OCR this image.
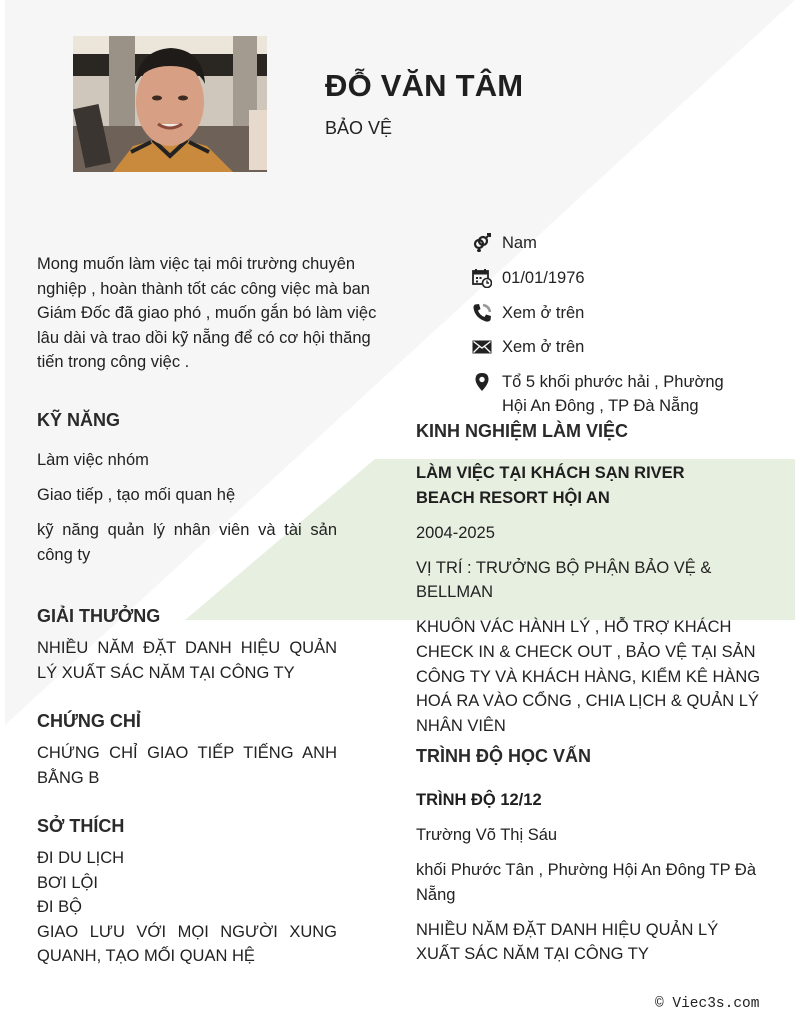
ĐỖ VĂN TÂM
BẢO VỆ
Mong muốn làm việc tại môi trường chuyên nghiệp , hoàn thành tốt các công việc mà ban Giám Đốc đã giao phó , muốn gắn bó làm việc lâu dài và trao dồi kỹ nẵng để có cơ hội thăng tiến trong công việc .
Nam
01/01/1976
Xem ở trên
Xem ở trên
Tổ 5 khối phước hải , Phường Hội An Đông , TP Đà Nẵng
KỸ NĂNG
Làm việc nhóm
Giao tiếp , tạo mối quan hệ
kỹ năng quản lý nhân viên và tài sản công ty
GIẢI THƯỞNG
NHIỀU NĂM ĐẶT DANH HIỆU QUẢN LÝ XUẤT SÁC NĂM TẠI CÔNG TY
CHỨNG CHỈ
CHỨNG CHỈ GIAO TIẾP TIẾNG ANH BẰNG B
SỞ THÍCH
ĐI DU LỊCH
BƠI LỘI
ĐI BỘ
GIAO LƯU VỚI MỌI NGƯỜI XUNG QUANH, TẠO MỐI QUAN HỆ
KINH NGHIỆM LÀM VIỆC
LÀM VIỆC TẠI KHÁCH SẠN RIVER BEACH RESORT HỘI AN
2004-2025
VỊ TRÍ : TRƯỞNG BỘ PHẬN BẢO VỆ & BELLMAN
KHUÔN VÁC HÀNH LÝ , HỖ TRỢ KHÁCH CHECK IN & CHECK OUT , BẢO VỆ TẠI SẢN CÔNG TY VÀ KHÁCH HÀNG, KIỂM KÊ HÀNG HOÁ RA VÀO CỔNG , CHIA LỊCH & QUẢN LÝ NHÂN VIÊN
TRÌNH ĐỘ HỌC VẤN
TRÌNH ĐỘ 12/12
Trường Võ Thị Sáu
khối Phước Tân , Phường Hội An Đông TP Đà Nẵng
NHIỀU NĂM ĐẶT DANH HIỆU QUẢN LÝ XUẤT SÁC NĂM TẠI CÔNG TY
© Viec3s.com
